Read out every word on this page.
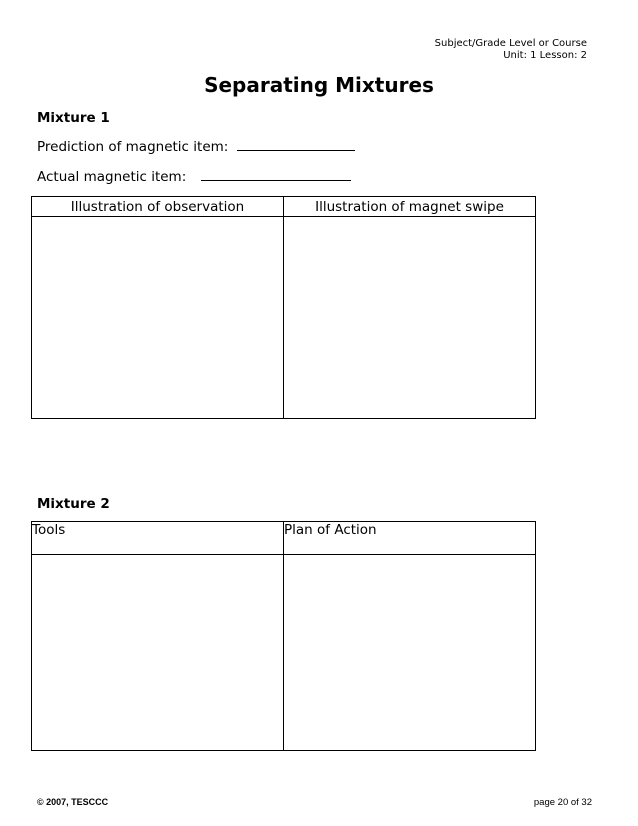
Subject/Grade Level or Course
Unit: 1 Lesson: 2
Separating Mixtures
Mixture 1
Prediction of magnetic item:
Actual magnetic item:
Illustration of observation	Illustration of magnet swipe

Mixture 2
Tools	Plan of Action

© 2007, TESCCC	page 20 of 32
